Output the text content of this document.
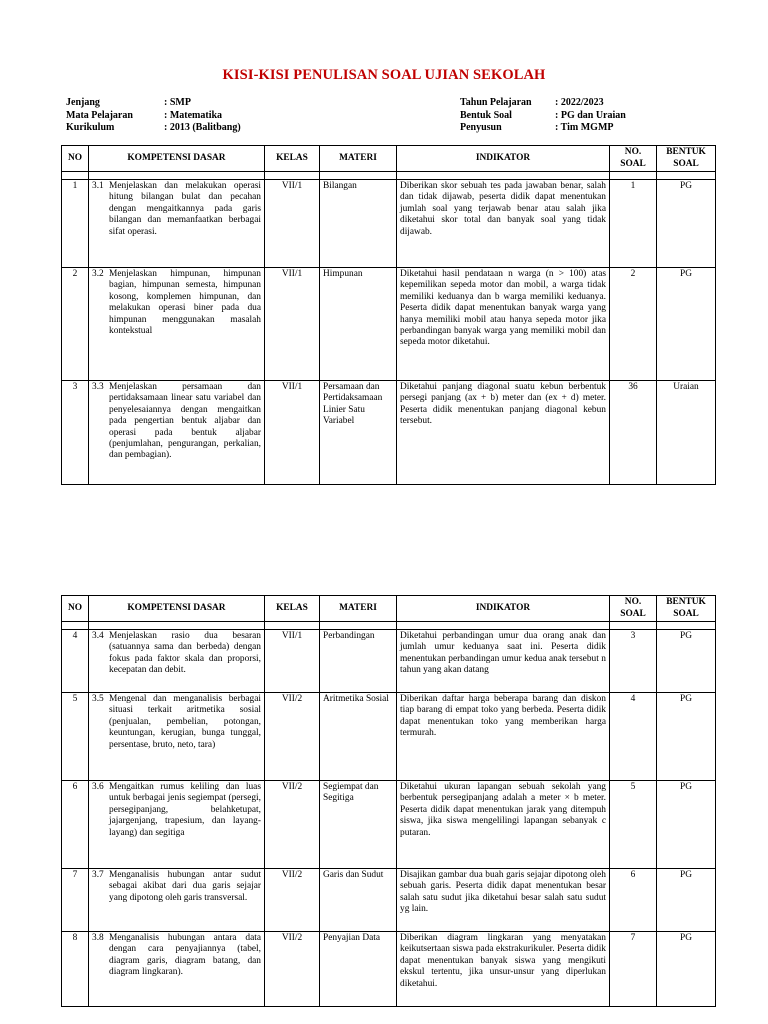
KISI-KISI PENULISAN SOAL UJIAN SEKOLAH
Jenjang	: SMP
Mata Pelajaran	: Matematika
Kurikulum	: 2013 (Balitbang)
Tahun Pelajaran	: 2022/2023
Bentuk Soal	: PG dan Uraian
Penyusun	: Tim MGMP
NO	KOMPETENSI DASAR	KELAS	MATERI	INDIKATOR	NO. SOAL	BENTUK SOAL

1	3.1 Menjelaskan dan melakukan operasi hitung bilangan bulat dan pecahan dengan mengaitkannya pada garis bilangan dan memanfaatkan berbagai sifat operasi.	VII/1	Bilangan	Diberikan skor sebuah tes pada jawaban benar, salah dan tidak dijawab, peserta didik dapat menentukan jumlah soal yang terjawab benar atau salah jika diketahui skor total dan banyak soal yang tidak dijawab.	1	PG
2	3.2 Menjelaskan himpunan, himpunan bagian, himpunan semesta, himpunan kosong, komplemen himpunan, dan melakukan operasi biner pada dua himpunan menggunakan masalah kontekstual	VII/1	Himpunan	Diketahui hasil pendataan n warga (n > 100) atas kepemilikan sepeda motor dan mobil, a warga tidak memiliki keduanya dan b warga memiliki keduanya. Peserta didik dapat menentukan banyak warga yang hanya memiliki mobil atau hanya sepeda motor jika perbandingan banyak warga yang memiliki mobil dan sepeda motor diketahui.	2	PG
3	3.3 Menjelaskan persamaan dan pertidaksamaan linear satu variabel dan penyelesaiannya dengan mengaitkan pada pengertian bentuk aljabar dan operasi pada bentuk aljabar (penjumlahan, pengurangan, perkalian, dan pembagian).	VII/1	Persamaan dan Pertidaksamaan Linier Satu Variabel	Diketahui panjang diagonal suatu kebun berbentuk persegi panjang (ax + b) meter dan (ex + d) meter. Peserta didik menentukan panjang diagonal kebun tersebut.	36	Uraian
NO	KOMPETENSI DASAR	KELAS	MATERI	INDIKATOR	NO. SOAL	BENTUK SOAL

4	3.4 Menjelaskan rasio dua besaran (satuannya sama dan berbeda) dengan fokus pada faktor skala dan proporsi, kecepatan dan debit.	VII/1	Perbandingan	Diketahui perbandingan umur dua orang anak dan jumlah umur keduanya saat ini. Peserta didik menentukan perbandingan umur kedua anak tersebut n tahun yang akan datang	3	PG
5	3.5 Mengenal dan menganalisis berbagai situasi terkait aritmetika sosial (penjualan, pembelian, potongan, keuntungan, kerugian, bunga tunggal, persentase, bruto, neto, tara)	VII/2	Aritmetika Sosial	Diberikan daftar harga beberapa barang dan diskon tiap barang di empat toko yang berbeda. Peserta didik dapat menentukan toko yang memberikan harga termurah.	4	PG
6	3.6 Mengaitkan rumus keliling dan luas untuk berbagai jenis segiempat (persegi, persegipanjang, belahketupat, jajargenjang, trapesium, dan layang-layang) dan segitiga	VII/2	Segiempat dan Segitiga	Diketahui ukuran lapangan sebuah sekolah yang berbentuk persegipanjang adalah a meter × b meter. Peserta didik dapat menentukan jarak yang ditempuh siswa, jika siswa mengelilingi lapangan sebanyak c putaran.	5	PG
7	3.7 Menganalisis hubungan antar sudut sebagai akibat dari dua garis sejajar yang dipotong oleh garis transversal.	VII/2	Garis dan Sudut	Disajikan gambar dua buah garis sejajar dipotong oleh sebuah garis. Peserta didik dapat menentukan besar salah satu sudut jika diketahui besar salah satu sudut yg lain.	6	PG
8	3.8 Menganalisis hubungan antara data dengan cara penyajiannya (tabel, diagram garis, diagram batang, dan diagram lingkaran).	VII/2	Penyajian Data	Diberikan diagram lingkaran yang menyatakan keikutsertaan siswa pada ekstrakurikuler. Peserta didik dapat menentukan banyak siswa yang mengikuti ekskul tertentu, jika unsur-unsur yang diperlukan diketahui.	7	PG
